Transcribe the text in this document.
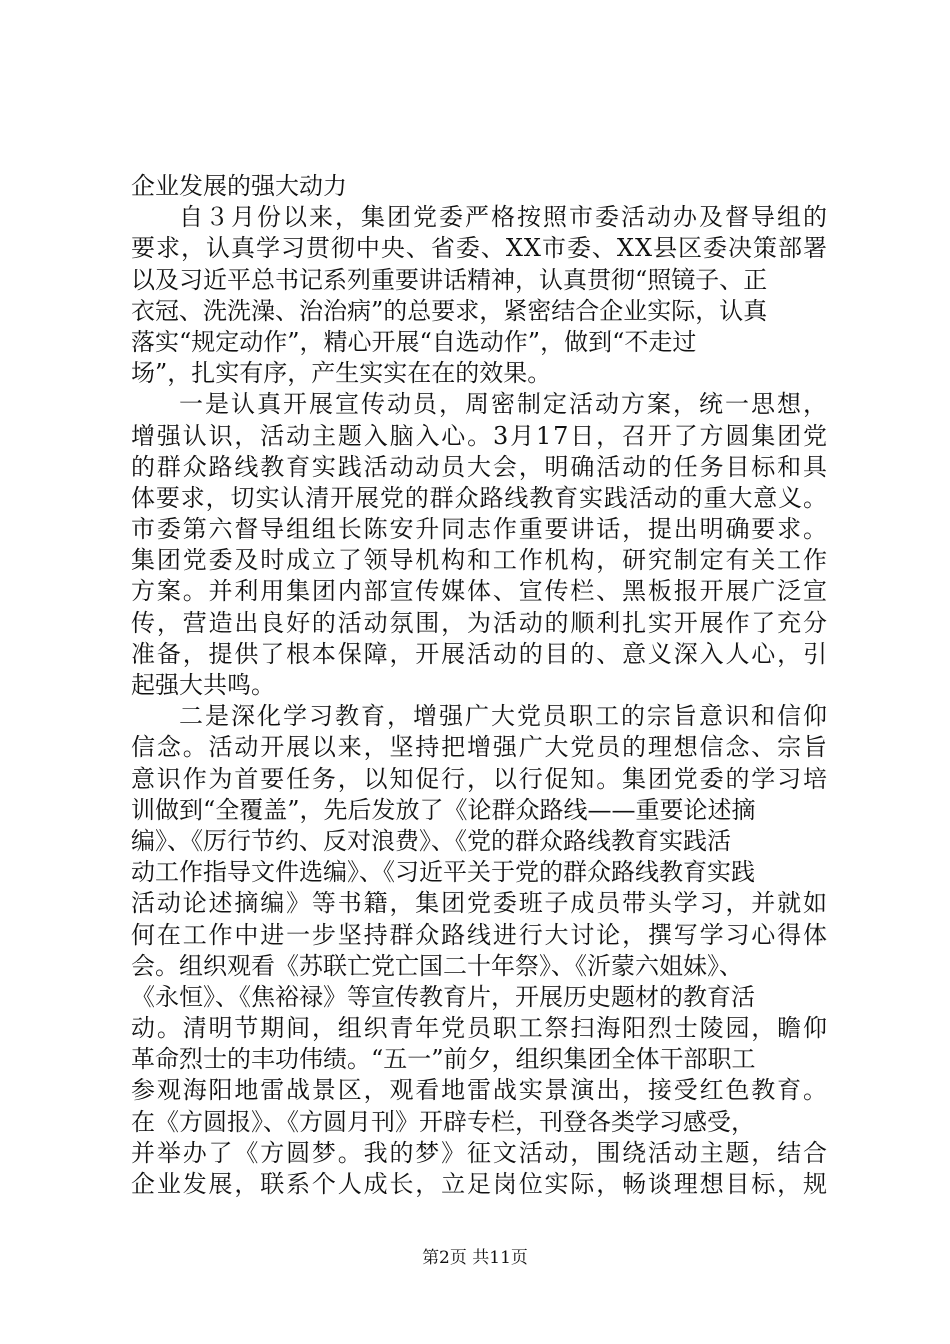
企业发展的强大动力
自３月份以来，集团党委严格按照市委活动办及督导组的
要求，认真学习贯彻中央、省委、XX市委、XX县区委决策部署
以及习近平总书记系列重要讲话精神，认真贯彻“照镜子、正
衣冠、洗洗澡、治治病”的总要求，紧密结合企业实际，认真
落实“规定动作”，精心开展“自选动作”，做到“不走过
场”，扎实有序，产生实实在在的效果。
一是认真开展宣传动员，周密制定活动方案，统一思想，
增强认识，活动主题入脑入心。3月17日，召开了方圆集团党
的群众路线教育实践活动动员大会，明确活动的任务目标和具
体要求，切实认清开展党的群众路线教育实践活动的重大意义。
市委第六督导组组长陈安升同志作重要讲话，提出明确要求。
集团党委及时成立了领导机构和工作机构，研究制定有关工作
方案。并利用集团内部宣传媒体、宣传栏、黑板报开展广泛宣
传，营造出良好的活动氛围，为活动的顺利扎实开展作了充分
准备，提供了根本保障，开展活动的目的、意义深入人心，引
起强大共鸣。
二是深化学习教育，增强广大党员职工的宗旨意识和信仰
信念。活动开展以来，坚持把增强广大党员的理想信念、宗旨
意识作为首要任务，以知促行，以行促知。集团党委的学习培
训做到“全覆盖”，先后发放了《论群众路线——重要论述摘
编》、《厉行节约、反对浪费》、《党的群众路线教育实践活
动工作指导文件选编》、《习近平关于党的群众路线教育实践
活动论述摘编》等书籍，集团党委班子成员带头学习，并就如
何在工作中进一步坚持群众路线进行大讨论，撰写学习心得体
会。组织观看《苏联亡党亡国二十年祭》、《沂蒙六姐妹》、
《永恒》、《焦裕禄》等宣传教育片，开展历史题材的教育活
动。清明节期间，组织青年党员职工祭扫海阳烈士陵园，瞻仰
革命烈士的丰功伟绩。“五一”前夕，组织集团全体干部职工
参观海阳地雷战景区，观看地雷战实景演出，接受红色教育。
在《方圆报》、《方圆月刊》开辟专栏，刊登各类学习感受，
并举办了《方圆梦。我的梦》征文活动，围绕活动主题，结合
企业发展，联系个人成长，立足岗位实际，畅谈理想目标，规
第2页 共11页
